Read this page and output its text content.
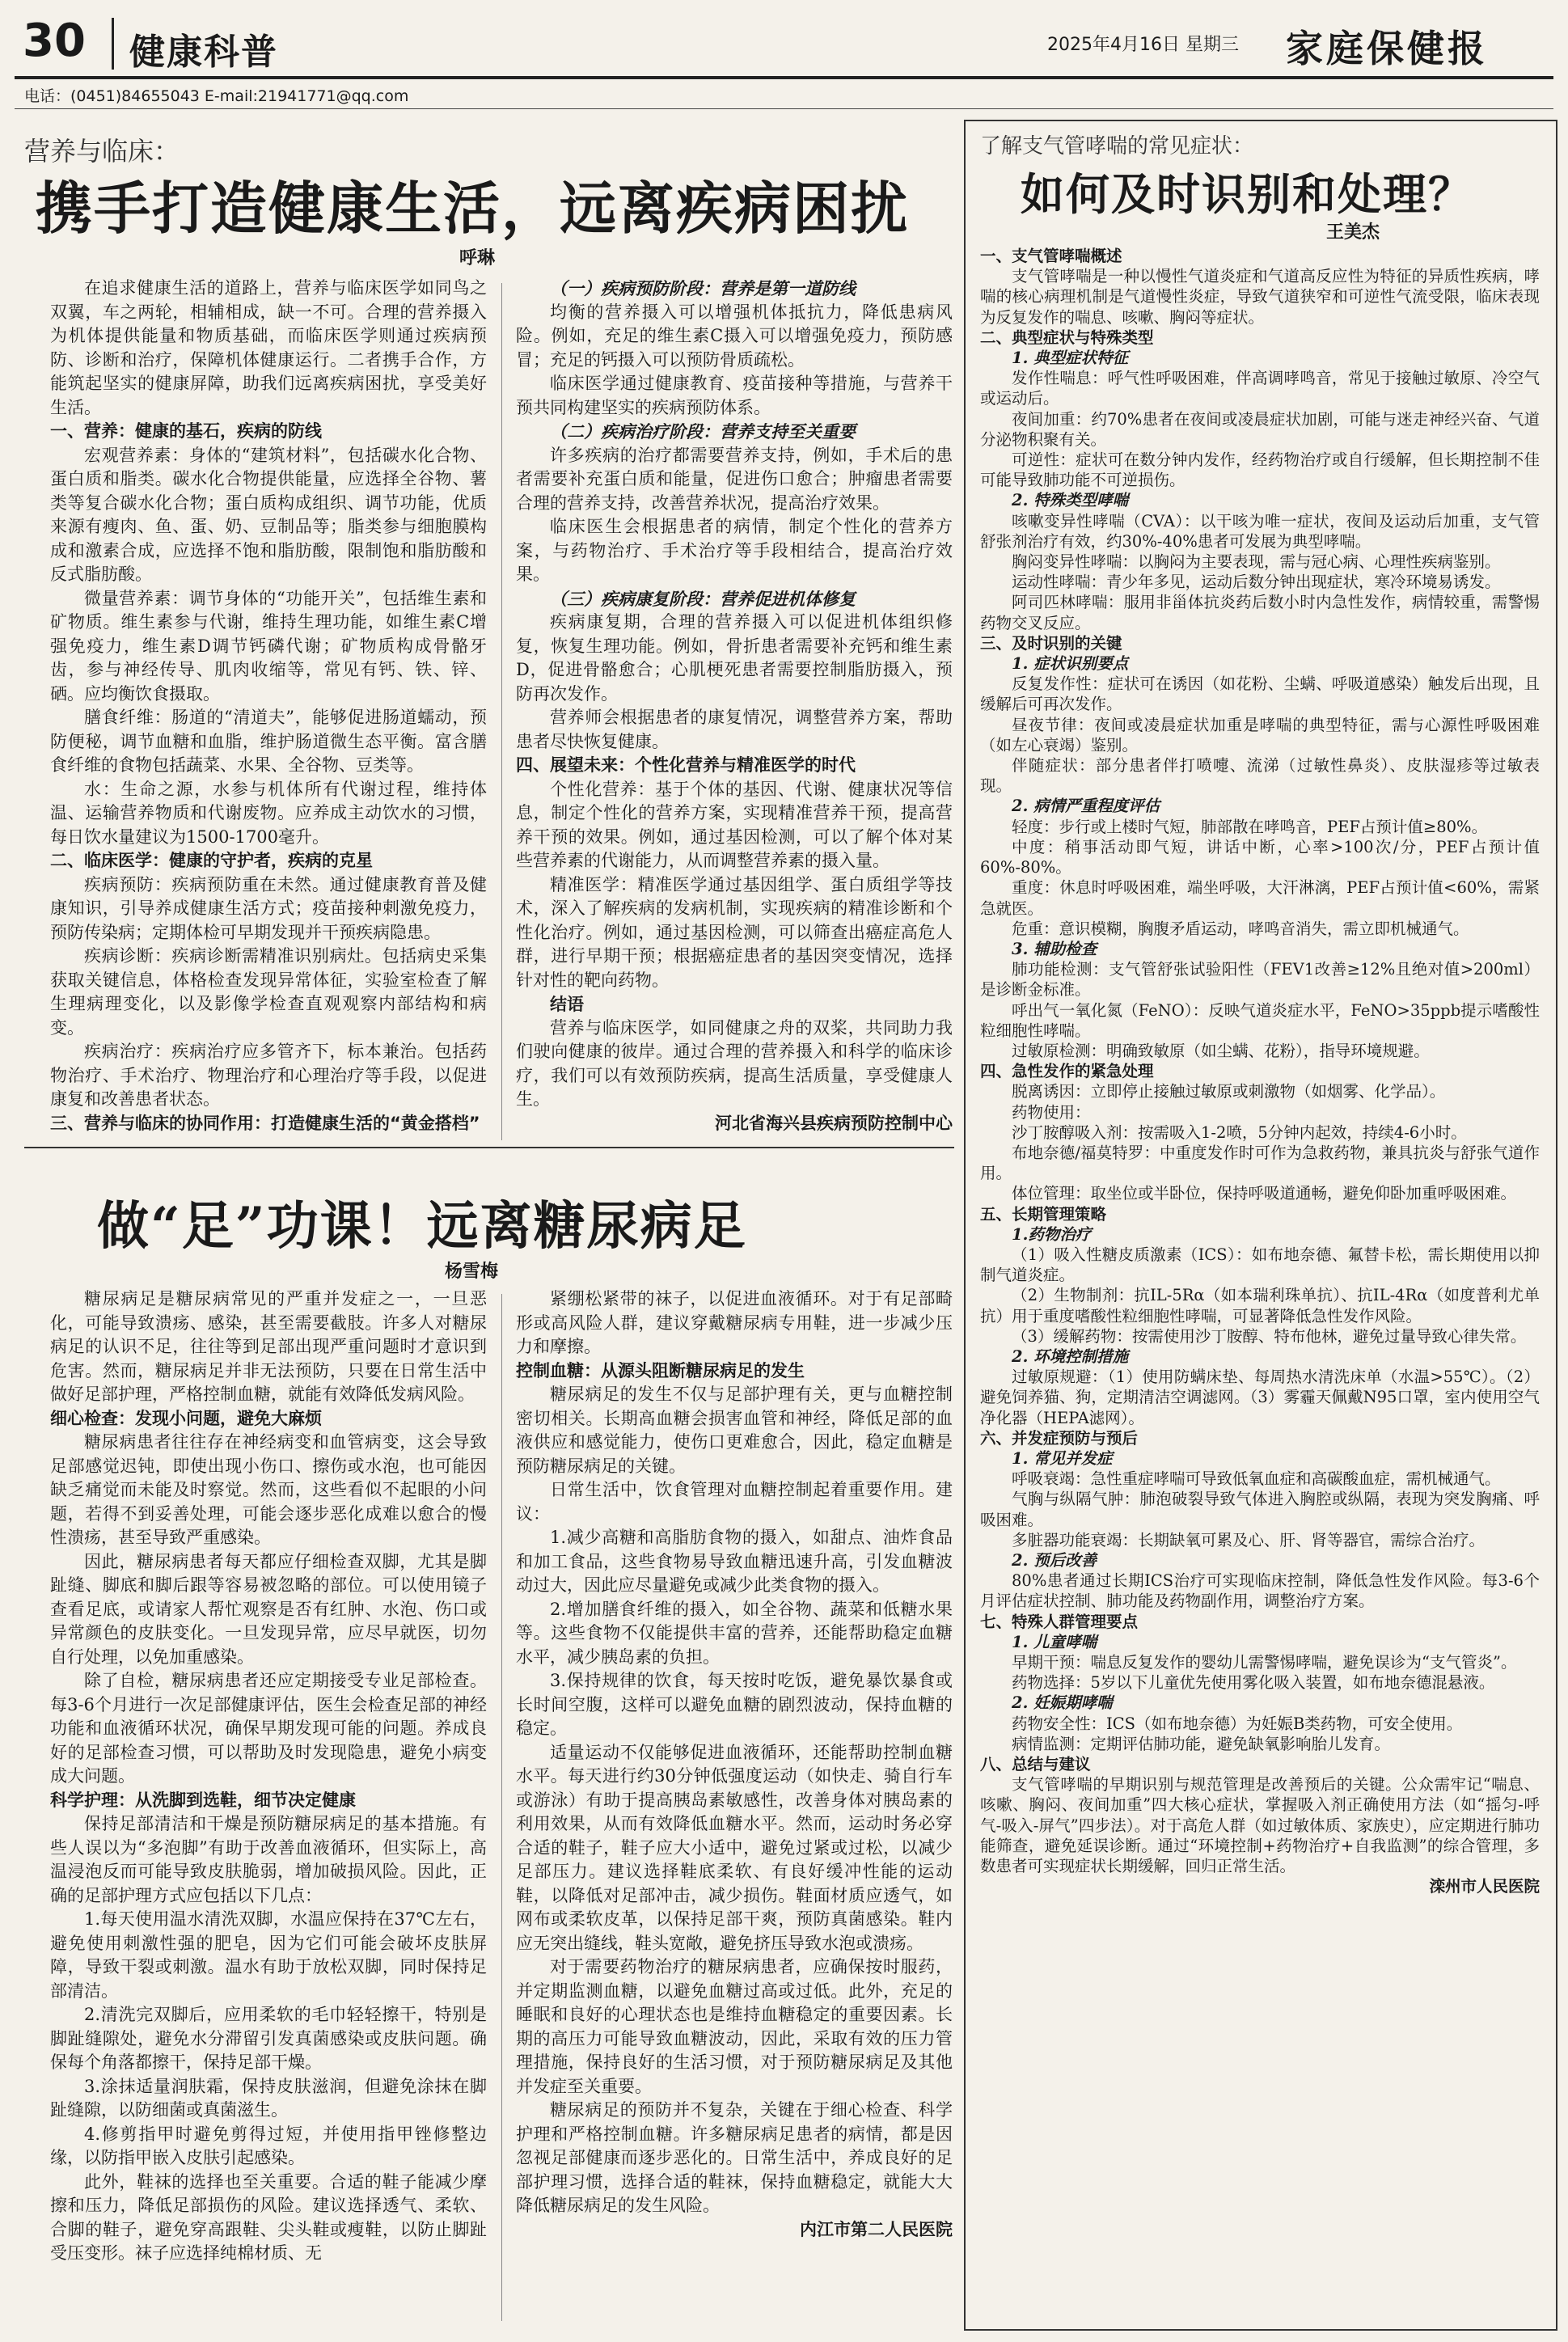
30 健康科普	2025年4月16日 星期三 家庭保健报
电话：(0451)84655043 E-mail:21941771@qq.com
营养与临床：
携手打造健康生活，远离疾病困扰
呼琳

在追求健康生活的道路上，营养与临床医学如同鸟之双翼，车之两轮，相辅相成，缺一不可。合理的营养摄入为机体提供能量和物质基础，而临床医学则通过疾病预防、诊断和治疗，保障机体健康运行。二者携手合作，方能筑起坚实的健康屏障，助我们远离疾病困扰，享受美好生活。

一、营养：健康的基石，疾病的防线

宏观营养素：身体的“建筑材料”，包括碳水化合物、蛋白质和脂类。碳水化合物提供能量，应选择全谷物、薯类等复合碳水化合物；蛋白质构成组织、调节功能，优质来源有瘦肉、鱼、蛋、奶、豆制品等；脂类参与细胞膜构成和激素合成，应选择不饱和脂肪酸，限制饱和脂肪酸和反式脂肪酸。

微量营养素：调节身体的“功能开关”，包括维生素和矿物质。维生素参与代谢，维持生理功能，如维生素C增强免疫力，维生素D调节钙磷代谢；矿物质构成骨骼牙齿，参与神经传导、肌肉收缩等，常见有钙、铁、锌、硒。应均衡饮食摄取。

膳食纤维：肠道的“清道夫”，能够促进肠道蠕动，预防便秘，调节血糖和血脂，维护肠道微生态平衡。富含膳食纤维的食物包括蔬菜、水果、全谷物、豆类等。

水：生命之源，水参与机体所有代谢过程，维持体温、运输营养物质和代谢废物。应养成主动饮水的习惯，每日饮水量建议为1500-1700毫升。

二、临床医学：健康的守护者，疾病的克星

疾病预防：疾病预防重在未然。通过健康教育普及健康知识，引导养成健康生活方式；疫苗接种刺激免疫力，预防传染病；定期体检可早期发现并干预疾病隐患。

疾病诊断：疾病诊断需精准识别病灶。包括病史采集获取关键信息，体格检查发现异常体征，实验室检查了解生理病理变化，以及影像学检查直观观察内部结构和病变。

疾病治疗：疾病治疗应多管齐下，标本兼治。包括药物治疗、手术治疗、物理治疗和心理治疗等手段，以促进康复和改善患者状态。

三、营养与临床的协同作用：打造健康生活的“黄金搭档”

（一）疾病预防阶段：营养是第一道防线

均衡的营养摄入可以增强机体抵抗力，降低患病风险。例如，充足的维生素C摄入可以增强免疫力，预防感冒；充足的钙摄入可以预防骨质疏松。

临床医学通过健康教育、疫苗接种等措施，与营养干预共同构建坚实的疾病预防体系。

（二）疾病治疗阶段：营养支持至关重要

许多疾病的治疗都需要营养支持，例如，手术后的患者需要补充蛋白质和能量，促进伤口愈合；肿瘤患者需要合理的营养支持，改善营养状况，提高治疗效果。

临床医生会根据患者的病情，制定个性化的营养方案，与药物治疗、手术治疗等手段相结合，提高治疗效果。

（三）疾病康复阶段：营养促进机体修复

疾病康复期，合理的营养摄入可以促进机体组织修复，恢复生理功能。例如，骨折患者需要补充钙和维生素D，促进骨骼愈合；心肌梗死患者需要控制脂肪摄入，预防再次发作。

营养师会根据患者的康复情况，调整营养方案，帮助患者尽快恢复健康。

四、展望未来：个性化营养与精准医学的时代

个性化营养：基于个体的基因、代谢、健康状况等信息，制定个性化的营养方案，实现精准营养干预，提高营养干预的效果。例如，通过基因检测，可以了解个体对某些营养素的代谢能力，从而调整营养素的摄入量。

精准医学：精准医学通过基因组学、蛋白质组学等技术，深入了解疾病的发病机制，实现疾病的精准诊断和个性化治疗。例如，通过基因检测，可以筛查出癌症高危人群，进行早期干预；根据癌症患者的基因突变情况，选择针对性的靶向药物。

结语

营养与临床医学，如同健康之舟的双桨，共同助力我们驶向健康的彼岸。通过合理的营养摄入和科学的临床诊疗，我们可以有效预防疾病，提高生活质量，享受健康人生。

河北省海兴县疾病预防控制中心

做“足”功课！远离糖尿病足
杨雪梅

糖尿病足是糖尿病常见的严重并发症之一，一旦恶化，可能导致溃疡、感染，甚至需要截肢。许多人对糖尿病足的认识不足，往往等到足部出现严重问题时才意识到危害。然而，糖尿病足并非无法预防，只要在日常生活中做好足部护理，严格控制血糖，就能有效降低发病风险。

细心检查：发现小问题，避免大麻烦

糖尿病患者往往存在神经病变和血管病变，这会导致足部感觉迟钝，即使出现小伤口、擦伤或水泡，也可能因缺乏痛觉而未能及时察觉。然而，这些看似不起眼的小问题，若得不到妥善处理，可能会逐步恶化成难以愈合的慢性溃疡，甚至导致严重感染。

因此，糖尿病患者每天都应仔细检查双脚，尤其是脚趾缝、脚底和脚后跟等容易被忽略的部位。可以使用镜子查看足底，或请家人帮忙观察是否有红肿、水泡、伤口或异常颜色的皮肤变化。一旦发现异常，应尽早就医，切勿自行处理，以免加重感染。

除了自检，糖尿病患者还应定期接受专业足部检查。每3-6个月进行一次足部健康评估，医生会检查足部的神经功能和血液循环状况，确保早期发现可能的问题。养成良好的足部检查习惯，可以帮助及时发现隐患，避免小病变成大问题。

科学护理：从洗脚到选鞋，细节决定健康

保持足部清洁和干燥是预防糖尿病足的基本措施。有些人误以为“多泡脚”有助于改善血液循环，但实际上，高温浸泡反而可能导致皮肤脆弱，增加破损风险。因此，正确的足部护理方式应包括以下几点：

1.每天使用温水清洗双脚，水温应保持在37℃左右，避免使用刺激性强的肥皂，因为它们可能会破坏皮肤屏障，导致干裂或刺激。温水有助于放松双脚，同时保持足部清洁。

2.清洗完双脚后，应用柔软的毛巾轻轻擦干，特别是脚趾缝隙处，避免水分滞留引发真菌感染或皮肤问题。确保每个角落都擦干，保持足部干燥。

3.涂抹适量润肤霜，保持皮肤滋润，但避免涂抹在脚趾缝隙，以防细菌或真菌滋生。

4.修剪指甲时避免剪得过短，并使用指甲锉修整边缘，以防指甲嵌入皮肤引起感染。

此外，鞋袜的选择也至关重要。合适的鞋子能减少摩擦和压力，降低足部损伤的风险。建议选择透气、柔软、合脚的鞋子，避免穿高跟鞋、尖头鞋或瘦鞋，以防止脚趾受压变形。袜子应选择纯棉材质、无

紧绷松紧带的袜子，以促进血液循环。对于有足部畸形或高风险人群，建议穿戴糖尿病专用鞋，进一步减少压力和摩擦。

控制血糖：从源头阻断糖尿病足的发生

糖尿病足的发生不仅与足部护理有关，更与血糖控制密切相关。长期高血糖会损害血管和神经，降低足部的血液供应和感觉能力，使伤口更难愈合，因此，稳定血糖是预防糖尿病足的关键。

日常生活中，饮食管理对血糖控制起着重要作用。建议：

1.减少高糖和高脂肪食物的摄入，如甜点、油炸食品和加工食品，这些食物易导致血糖迅速升高，引发血糖波动过大，因此应尽量避免或减少此类食物的摄入。

2.增加膳食纤维的摄入，如全谷物、蔬菜和低糖水果等。这些食物不仅能提供丰富的营养，还能帮助稳定血糖水平，减少胰岛素的负担。

3.保持规律的饮食，每天按时吃饭，避免暴饮暴食或长时间空腹，这样可以避免血糖的剧烈波动，保持血糖的稳定。

适量运动不仅能够促进血液循环，还能帮助控制血糖水平。每天进行约30分钟低强度运动（如快走、骑自行车或游泳）有助于提高胰岛素敏感性，改善身体对胰岛素的利用效果，从而有效降低血糖水平。然而，运动时务必穿合适的鞋子，鞋子应大小适中，避免过紧或过松，以减少足部压力。建议选择鞋底柔软、有良好缓冲性能的运动鞋，以降低对足部冲击，减少损伤。鞋面材质应透气，如网布或柔软皮革，以保持足部干爽，预防真菌感染。鞋内应无突出缝线，鞋头宽敞，避免挤压导致水泡或溃疡。

对于需要药物治疗的糖尿病患者，应确保按时服药，并定期监测血糖，以避免血糖过高或过低。此外，充足的睡眠和良好的心理状态也是维持血糖稳定的重要因素。长期的高压力可能导致血糖波动，因此，采取有效的压力管理措施，保持良好的生活习惯，对于预防糖尿病足及其他并发症至关重要。

糖尿病足的预防并不复杂，关键在于细心检查、科学护理和严格控制血糖。许多糖尿病足患者的病情，都是因忽视足部健康而逐步恶化的。日常生活中，养成良好的足部护理习惯，选择合适的鞋袜，保持血糖稳定，就能大大降低糖尿病足的发生风险。

内江市第二人民医院

了解支气管哮喘的常见症状：
如何及时识别和处理？
王美杰

一、支气管哮喘概述

支气管哮喘是一种以慢性气道炎症和气道高反应性为特征的异质性疾病，哮喘的核心病理机制是气道慢性炎症，导致气道狭窄和可逆性气流受限，临床表现为反复发作的喘息、咳嗽、胸闷等症状。

二、典型症状与特殊类型

1. 典型症状特征

发作性喘息：呼气性呼吸困难，伴高调哮鸣音，常见于接触过敏原、冷空气或运动后。

夜间加重：约70%患者在夜间或凌晨症状加剧，可能与迷走神经兴奋、气道分泌物积聚有关。

可逆性：症状可在数分钟内发作，经药物治疗或自行缓解，但长期控制不佳可能导致肺功能不可逆损伤。

2. 特殊类型哮喘

咳嗽变异性哮喘（CVA）：以干咳为唯一症状，夜间及运动后加重，支气管舒张剂治疗有效，约30%-40%患者可发展为典型哮喘。

胸闷变异性哮喘：以胸闷为主要表现，需与冠心病、心理性疾病鉴别。

运动性哮喘：青少年多见，运动后数分钟出现症状，寒冷环境易诱发。

阿司匹林哮喘：服用非甾体抗炎药后数小时内急性发作，病情较重，需警惕药物交叉反应。

三、及时识别的关键

1. 症状识别要点

反复发作性：症状可在诱因（如花粉、尘螨、呼吸道感染）触发后出现，且缓解后可再次发作。

昼夜节律：夜间或凌晨症状加重是哮喘的典型特征，需与心源性呼吸困难（如左心衰竭）鉴别。

伴随症状：部分患者伴打喷嚏、流涕（过敏性鼻炎）、皮肤湿疹等过敏表现。

2. 病情严重程度评估

轻度：步行或上楼时气短，肺部散在哮鸣音，PEF占预计值≥80%。

中度：稍事活动即气短，讲话中断，心率>100次/分，PEF占预计值60%-80%。

重度：休息时呼吸困难，端坐呼吸，大汗淋漓，PEF占预计值<60%，需紧急就医。

危重：意识模糊，胸腹矛盾运动，哮鸣音消失，需立即机械通气。

3. 辅助检查

肺功能检测：支气管舒张试验阳性（FEV1改善≥12%且绝对值>200ml）是诊断金标准。

呼出气一氧化氮（FeNO）：反映气道炎症水平，FeNO>35ppb提示嗜酸性粒细胞性哮喘。

过敏原检测：明确致敏原（如尘螨、花粉），指导环境规避。

四、急性发作的紧急处理

脱离诱因：立即停止接触过敏原或刺激物（如烟雾、化学品）。

药物使用：

沙丁胺醇吸入剂：按需吸入1-2喷，5分钟内起效，持续4-6小时。

布地奈德/福莫特罗：中重度发作时可作为急救药物，兼具抗炎与舒张气道作用。

体位管理：取坐位或半卧位，保持呼吸道通畅，避免仰卧加重呼吸困难。

五、长期管理策略

1.药物治疗

（1）吸入性糖皮质激素（ICS）：如布地奈德、氟替卡松，需长期使用以抑制气道炎症。

（2）生物制剂：抗IL-5Rα（如本瑞利珠单抗）、抗IL-4Rα（如度普利尤单抗）用于重度嗜酸性粒细胞性哮喘，可显著降低急性发作风险。

（3）缓解药物：按需使用沙丁胺醇、特布他林，避免过量导致心律失常。

2. 环境控制措施

过敏原规避：（1）使用防螨床垫、每周热水清洗床单（水温>55℃）。（2）避免饲养猫、狗，定期清洁空调滤网。（3）雾霾天佩戴N95口罩，室内使用空气净化器（HEPA滤网）。

六、并发症预防与预后

1. 常见并发症

呼吸衰竭：急性重症哮喘可导致低氧血症和高碳酸血症，需机械通气。

气胸与纵隔气肿：肺泡破裂导致气体进入胸腔或纵隔，表现为突发胸痛、呼吸困难。

多脏器功能衰竭：长期缺氧可累及心、肝、肾等器官，需综合治疗。

2. 预后改善

80%患者通过长期ICS治疗可实现临床控制，降低急性发作风险。每3-6个月评估症状控制、肺功能及药物副作用，调整治疗方案。

七、特殊人群管理要点

1. 儿童哮喘

早期干预：喘息反复发作的婴幼儿需警惕哮喘，避免误诊为“支气管炎”。

药物选择：5岁以下儿童优先使用雾化吸入装置，如布地奈德混悬液。

2. 妊娠期哮喘

药物安全性：ICS（如布地奈德）为妊娠B类药物，可安全使用。

病情监测：定期评估肺功能，避免缺氧影响胎儿发育。

八、总结与建议

支气管哮喘的早期识别与规范管理是改善预后的关键。公众需牢记“喘息、咳嗽、胸闷、夜间加重”四大核心症状，掌握吸入剂正确使用方法（如“摇匀-呼气-吸入-屏气”四步法）。对于高危人群（如过敏体质、家族史），应定期进行肺功能筛查，避免延误诊断。通过“环境控制+药物治疗+自我监测”的综合管理，多数患者可实现症状长期缓解，回归正常生活。

滦州市人民医院
